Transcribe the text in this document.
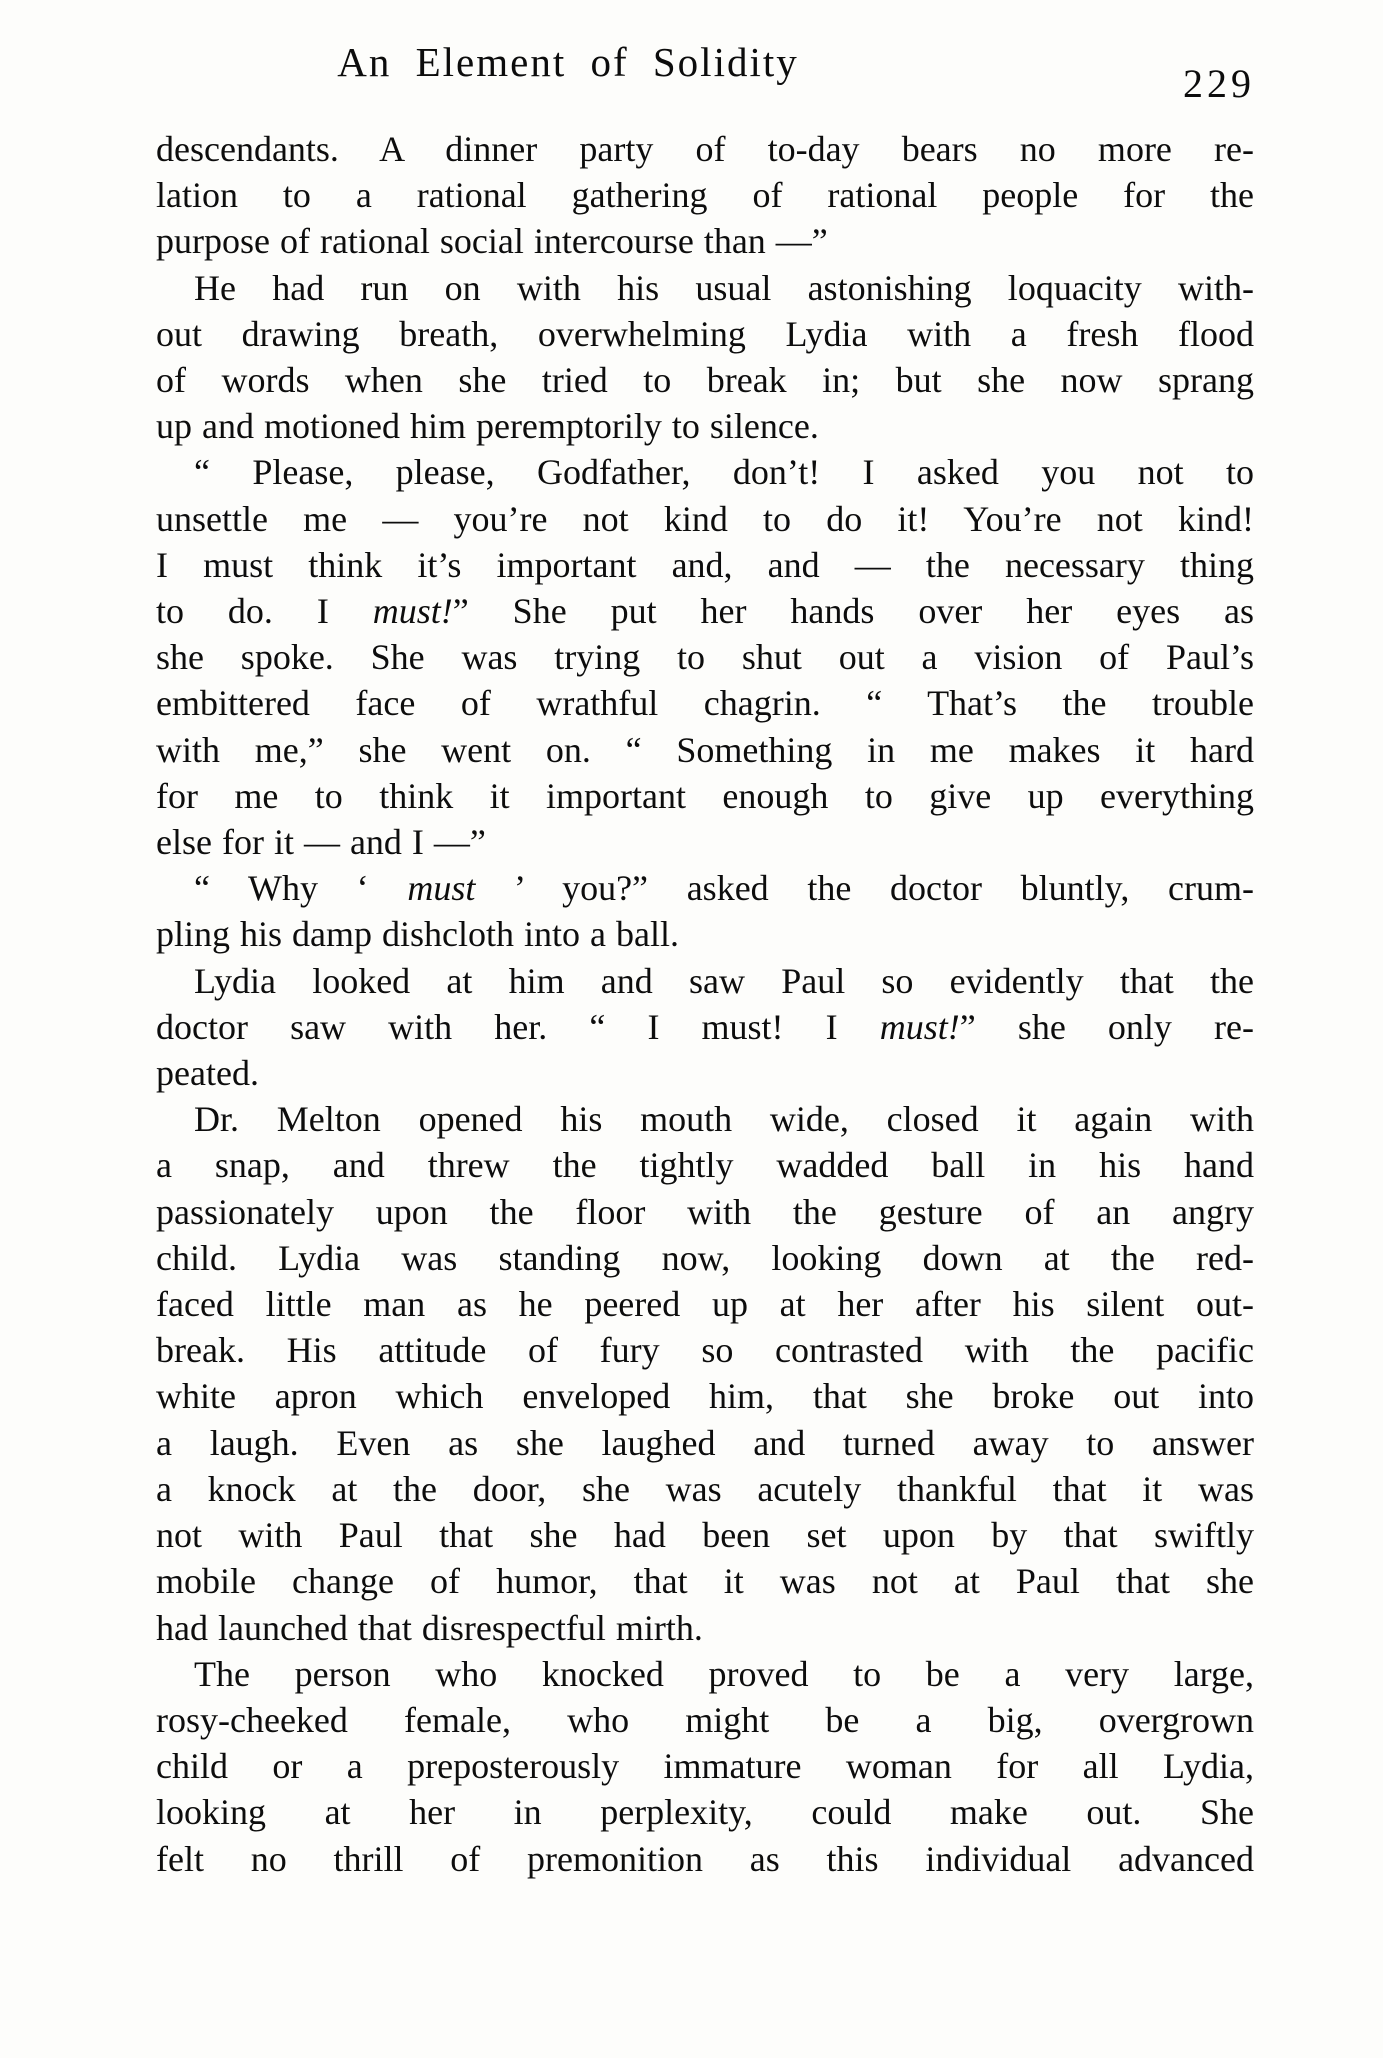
An Element of Solidity	229
descendants. A dinner party of to-day bears no more re-
lation to a rational gathering of rational people for the
purpose of rational social intercourse than —”
He had run on with his usual astonishing loquacity with-
out drawing breath, overwhelming Lydia with a fresh flood
of words when she tried to break in; but she now sprang
up and motioned him peremptorily to silence.
“ Please, please, Godfather, don’t! I asked you not to
unsettle me — you’re not kind to do it! You’re not kind!
I must think it’s important and, and — the necessary thing
to do. I must!” She put her hands over her eyes as
she spoke. She was trying to shut out a vision of Paul’s
embittered face of wrathful chagrin. “ That’s the trouble
with me,” she went on. “ Something in me makes it hard
for me to think it important enough to give up everything
else for it — and I —”
“ Why ‘ must ’ you?” asked the doctor bluntly, crum-
pling his damp dishcloth into a ball.
Lydia looked at him and saw Paul so evidently that the
doctor saw with her. “ I must! I must!” she only re-
peated.
Dr. Melton opened his mouth wide, closed it again with
a snap, and threw the tightly wadded ball in his hand
passionately upon the floor with the gesture of an angry
child. Lydia was standing now, looking down at the red-
faced little man as he peered up at her after his silent out-
break. His attitude of fury so contrasted with the pacific
white apron which enveloped him, that she broke out into
a laugh. Even as she laughed and turned away to answer
a knock at the door, she was acutely thankful that it was
not with Paul that she had been set upon by that swiftly
mobile change of humor, that it was not at Paul that she
had launched that disrespectful mirth.
The person who knocked proved to be a very large,
rosy-cheeked female, who might be a big, overgrown
child or a preposterously immature woman for all Lydia,
looking at her in perplexity, could make out. She
felt no thrill of premonition as this individual advanced
